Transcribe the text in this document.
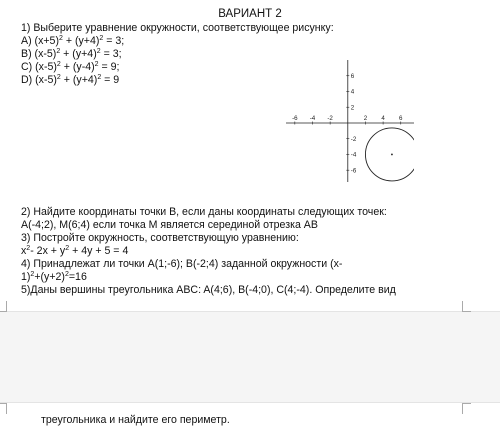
ВАРИАНТ 2
1) Выберите уравнение окружности, соответствующее рисунку:
A) $(x+5)^2 + (y+4)^2 = 3$;
B) $(x-5)^2 + (y+4)^2 = 3$;
C) $(x-5)^2 + (y-4)^2 = 9$;
D) $(x-5)^2 + (y+4)^2 = 9$
-6 -4 -2	2 4 6
6
4
2
-2
-4
-6
2) Найдите координаты точки B, если даны координаты следующих точек:
A(-4;2), M(6;4) если точка M является серединой отрезка AB
3) Постройте окружность, соответствующую уравнению:
$x^2-$ $2x + y^2 + 4y + 5 = 4$
4) Принадлежат ли точки A(1;-6); B(-2;4) заданной окружности (x-
$1)^2+(y+2)^2=16$
5)Даны вершины треугольника ABC: A(4;6), B(-4;0), C(4;-4). Определите вид
треугольника и найдите его периметр.
